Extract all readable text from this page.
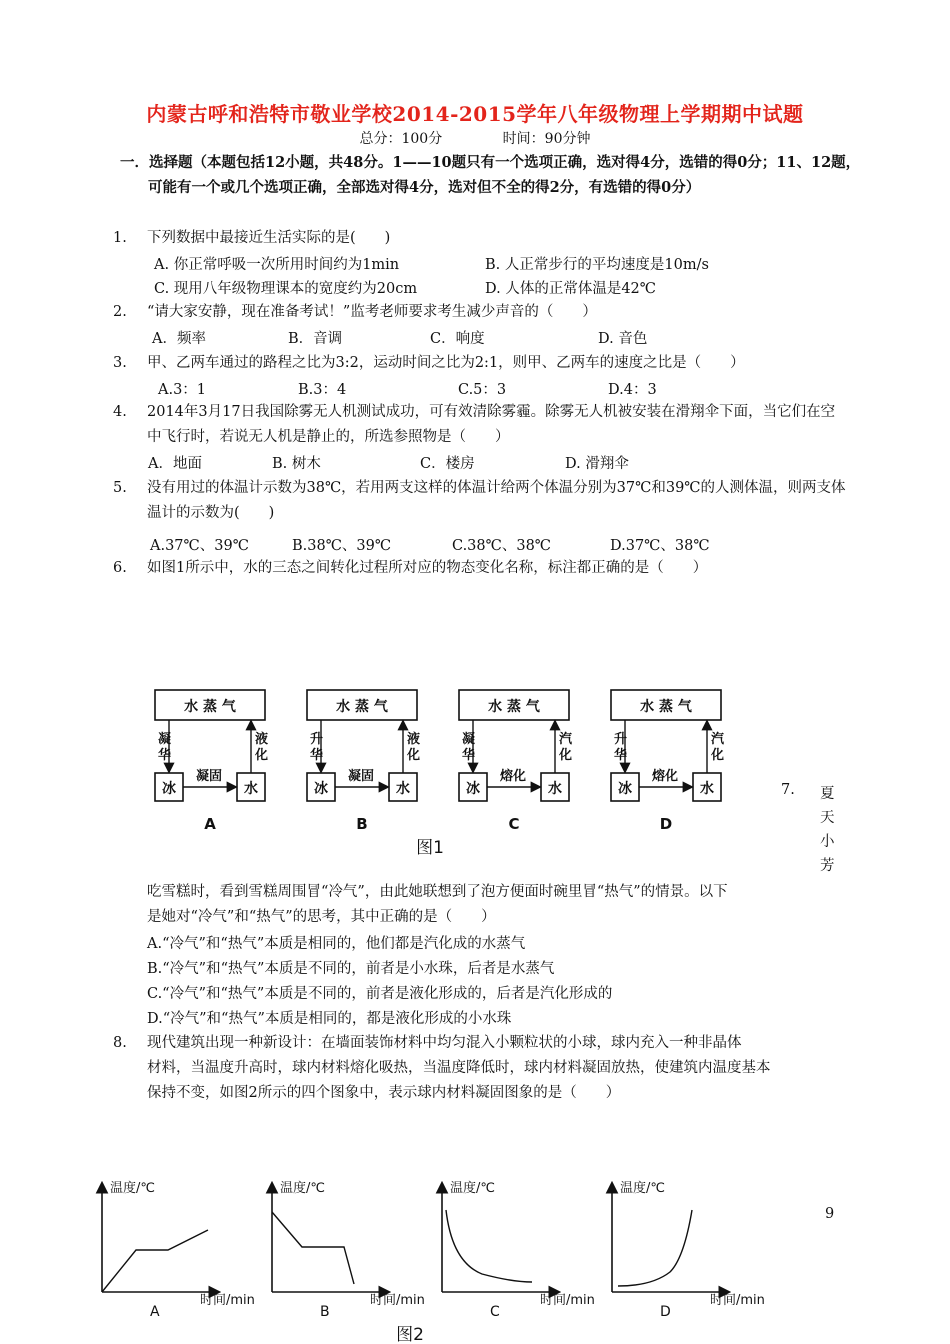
内蒙古呼和浩特市敬业学校2014-2015学年八年级物理上学期期中试题
总分：100分	时间：90分钟
一．选择题（本题包括12小题，共48分。1——10题只有一个选项正确，选对得4分，选错的得0分；11、12题，可能有一个或几个选项正确，全部选对得4分，选对但不全的得2分，有选错的得0分）
1. 下列数据中最接近生活实际的是(　　)
A. 你正常呼吸一次所用时间约为1min	B. 人正常步行的平均速度是10m/s
C. 现用八年级物理课本的宽度约为20cm	D. 人体的正常体温是42℃
2. “请大家安静，现在准备考试！”监考老师要求考生减少声音的（　　）
A．频率	B．音调	C．响度	D. 音色
3. 甲、乙两车通过的路程之比为3:2，运动时间之比为2:1，则甲、乙两车的速度之比是（　　）
A.3：1	B.3：4	C.5：3	D.4：3
4. 2014年3月17日我国除雾无人机测试成功，可有效清除雾霾。除雾无人机被安装在滑翔伞下面，当它们在空中飞行时，若说无人机是静止的，所选参照物是（　　）
A．地面	B. 树木	C．楼房	D. 滑翔伞
5. 没有用过的体温计示数为38℃，若用两支这样的体温计给两个体温分别为37℃和39℃的人测体温，则两支体温计的示数为(　　)
A.37℃、39℃	B.38℃、39℃	C.38℃、38℃	D.37℃、38℃
6. 如图1所示中，水的三态之间转化过程所对应的物态变化名称，标注都正确的是（　　）
水 蒸 气
冰	水
凝
华
液
化
凝固
A
水 蒸 气
冰	水
升
华
液
化
凝固
B
水 蒸 气
冰	水
凝
华
汽
化
熔化
C
水 蒸 气
冰	水
升
华
汽
化
熔化
D
图1
7. 夏
天
小
芳
吃雪糕时，看到雪糕周围冒“冷气”，由此她联想到了泡方便面时碗里冒“热气”的情景。以下
是她对“冷气”和“热气”的思考，其中正确的是（　　）
A.“冷气”和“热气”本质是相同的，他们都是汽化成的水蒸气
B.“冷气”和“热气”本质是不同的，前者是小水珠，后者是水蒸气
C.“冷气”和“热气”本质是不同的，前者是液化形成的，后者是汽化形成的
D.“冷气”和“热气”本质是相同的，都是液化形成的小水珠
8. 现代建筑出现一种新设计：在墙面装饰材料中均匀混入小颗粒状的小球，球内充入一种非晶体
材料，当温度升高时，球内材料熔化吸热，当温度降低时，球内材料凝固放热，使建筑内温度基本
保持不变，如图2所示的四个图象中，表示球内材料凝固图象的是（　　）
9
温度/℃
时间/min
A
温度/℃
时间/min
B
温度/℃
时间/min
C
温度/℃
时间/min
D
图2
